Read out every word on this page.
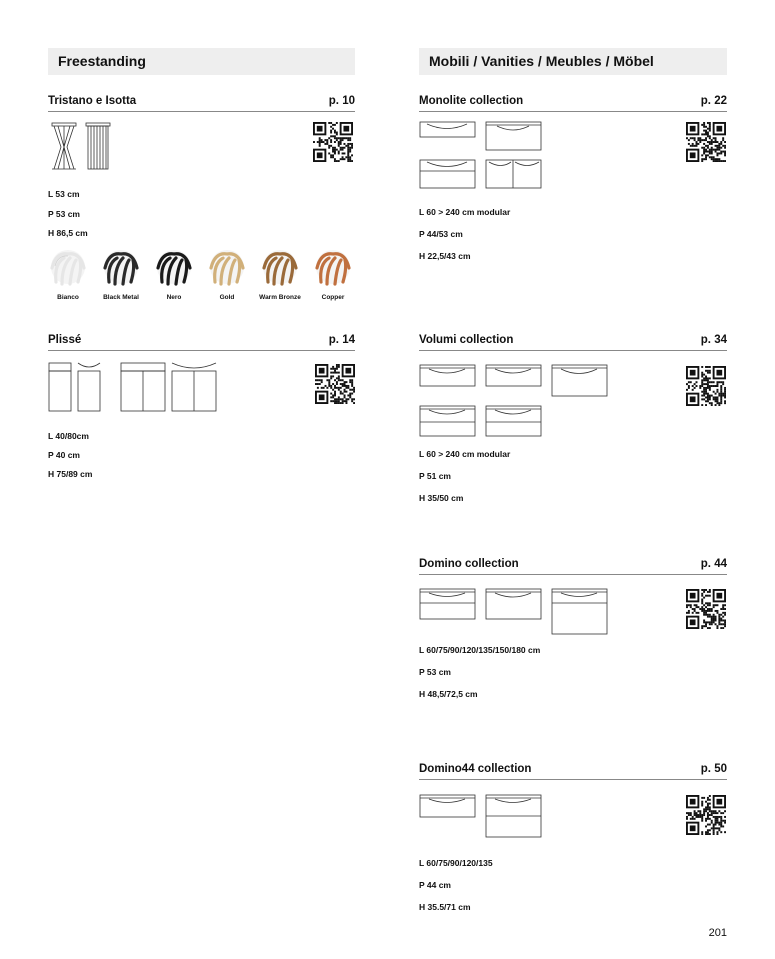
Freestanding	Mobili / Vanities / Meubles / Möbel
Tristano e Isotta	p. 10
L 53 cm
P 53 cm
H 86,5 cm
Bianco	Black Metal	Nero	Gold	Warm Bronze	Copper
Plissé	p. 14
L 40/80cm
P 40 cm
H 75/89 cm
Monolite collection	p. 22
L 60 > 240 cm modular
P 44/53 cm
H 22,5/43 cm
Volumi collection	p. 34
L 60 > 240 cm modular
P 51 cm
H 35/50 cm
Domino collection	p. 44
L 60/75/90/120/135/150/180 cm
P 53 cm
H 48,5/72,5 cm
Domino44 collection	p. 50
L 60/75/90/120/135
P 44 cm
H 35.5/71 cm
201
